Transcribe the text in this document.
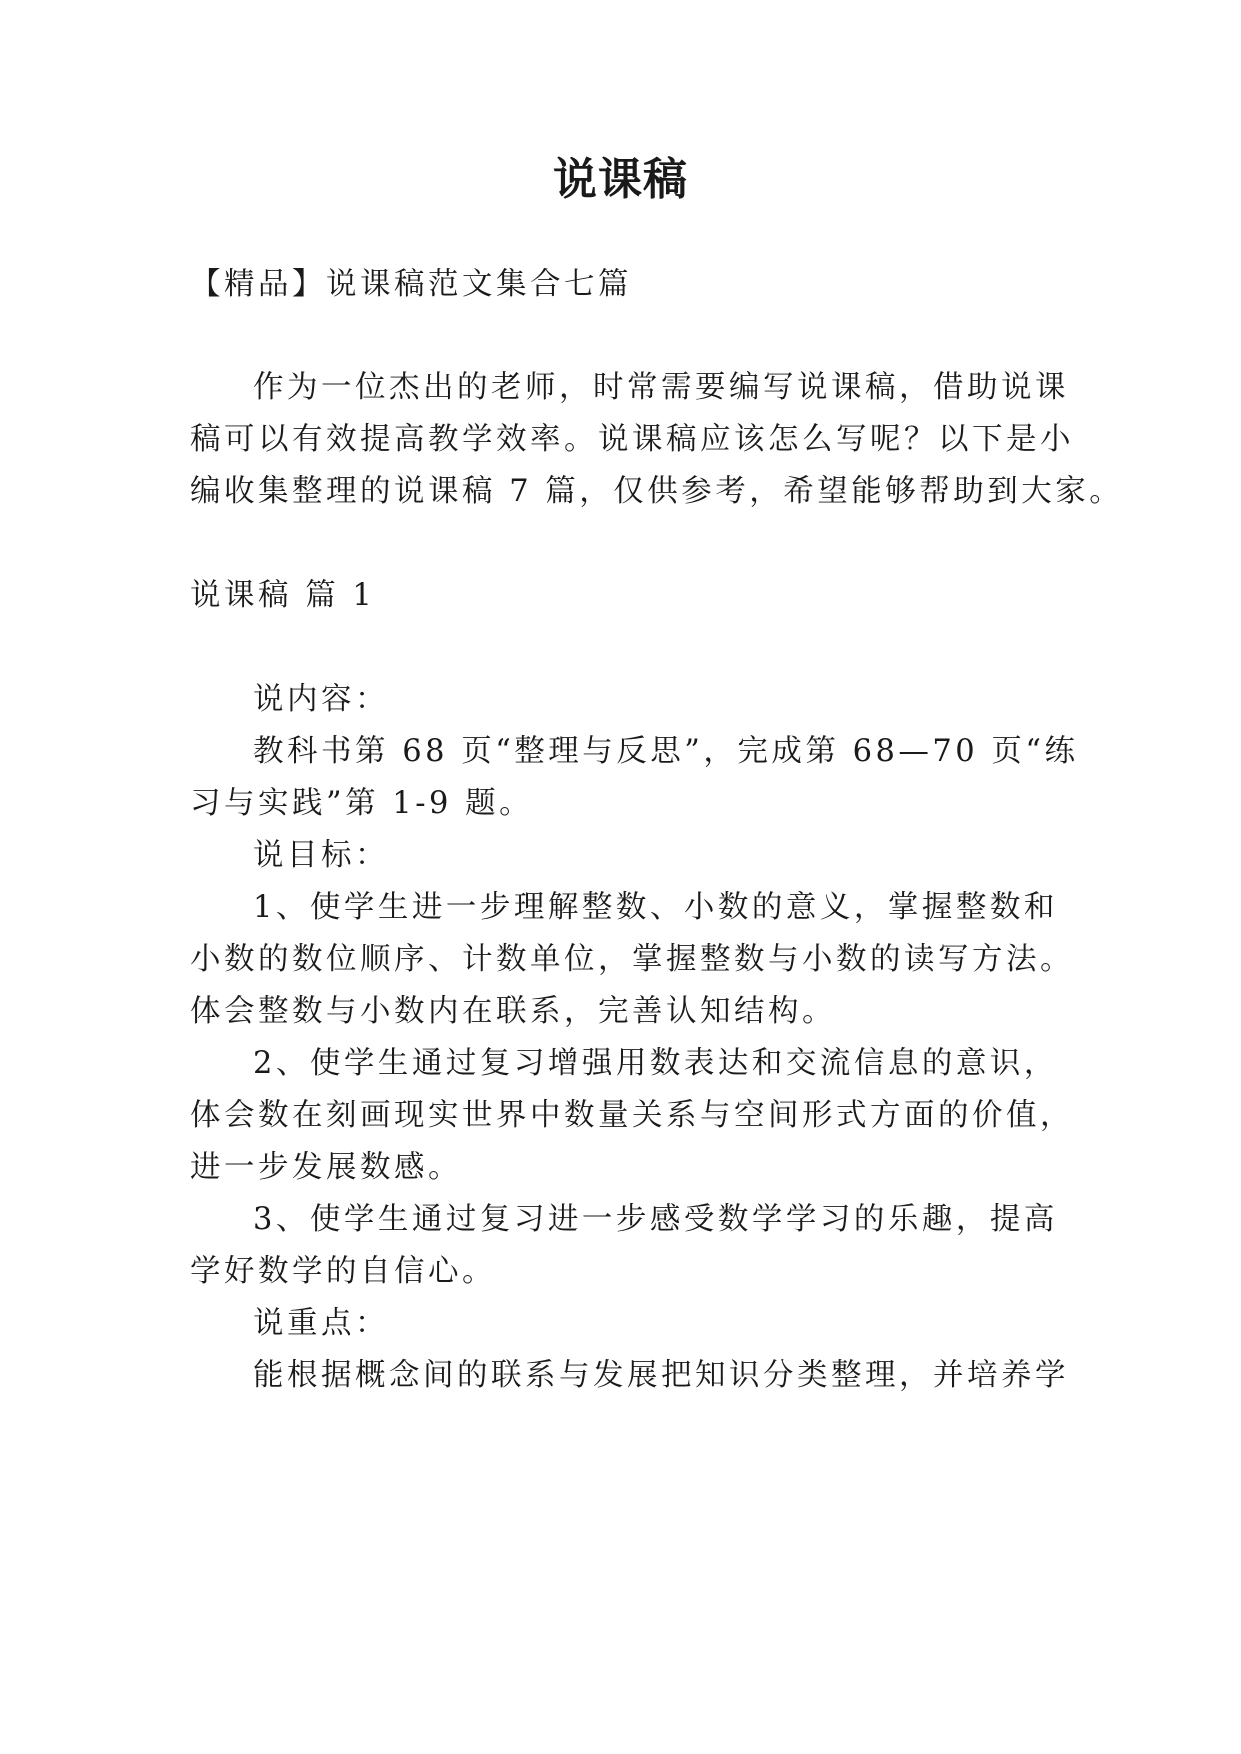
说课稿
【精品】说课稿范文集合七篇
作为一位杰出的老师，时常需要编写说课稿，借助说课
稿可以有效提高教学效率。说课稿应该怎么写呢？以下是小
编收集整理的说课稿 7 篇，仅供参考，希望能够帮助到大家。
说课稿 篇 1
说内容：
教科书第 68 页“整理与反思”，完成第 68—70 页“练
习与实践”第 1-9 题。
说目标：
1、使学生进一步理解整数、小数的意义，掌握整数和
小数的数位顺序、计数单位，掌握整数与小数的读写方法。
体会整数与小数内在联系，完善认知结构。
2、使学生通过复习增强用数表达和交流信息的意识，
体会数在刻画现实世界中数量关系与空间形式方面的价值，
进一步发展数感。
3、使学生通过复习进一步感受数学学习的乐趣，提高
学好数学的自信心。
说重点：
能根据概念间的联系与发展把知识分类整理，并培养学
